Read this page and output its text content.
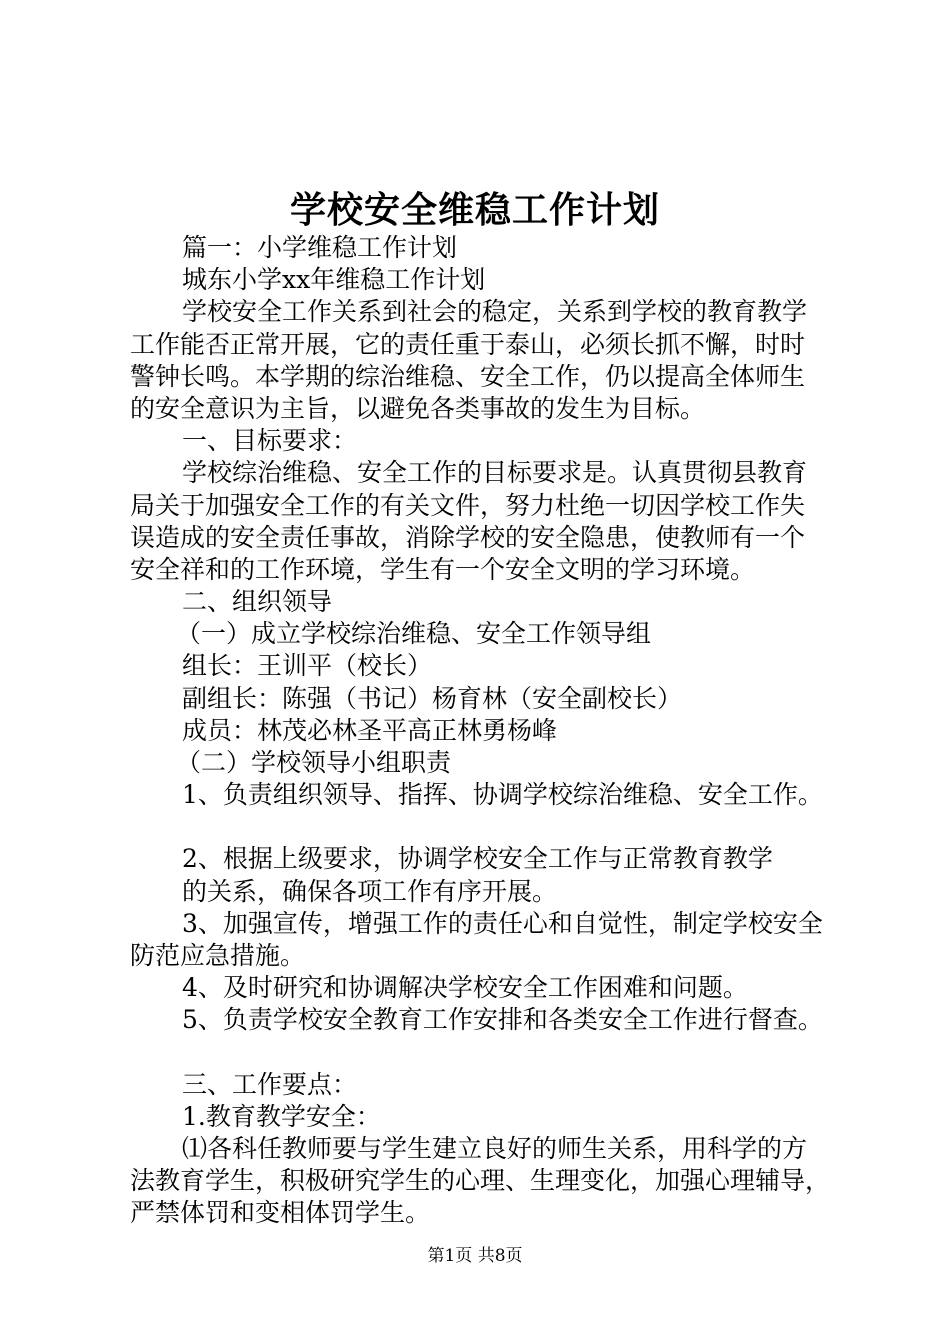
学校安全维稳工作计划

篇一：小学维稳工作计划

城东小学xx年维稳工作计划

学校安全工作关系到社会的稳定，关系到学校的教育教学

工作能否正常开展，它的责任重于泰山，必须长抓不懈，时时

警钟长鸣。本学期的综治维稳、安全工作，仍以提高全体师生

的安全意识为主旨，以避免各类事故的发生为目标。

一、目标要求：

学校综治维稳、安全工作的目标要求是。认真贯彻县教育

局关于加强安全工作的有关文件，努力杜绝一切因学校工作失

误造成的安全责任事故，消除学校的安全隐患，使教师有一个

安全祥和的工作环境，学生有一个安全文明的学习环境。

二、组织领导

（一）成立学校综治维稳、安全工作领导组

组长：王训平（校长）

副组长：陈强（书记）杨育林（安全副校长）

成员：林茂必林圣平高正林勇杨峰

（二）学校领导小组职责

1、负责组织领导、指挥、协调学校综治维稳、安全工作。

2、根据上级要求，协调学校安全工作与正常教育教学

的关系，确保各项工作有序开展。

3、加强宣传，增强工作的责任心和自觉性，制定学校安全

防范应急措施。

4、及时研究和协调解决学校安全工作困难和问题。

5、负责学校安全教育工作安排和各类安全工作进行督查。

三、工作要点：

1.教育教学安全：

⑴各科任教师要与学生建立良好的师生关系，用科学的方

法教育学生，积极研究学生的心理、生理变化，加强心理辅导，

严禁体罚和变相体罚学生。

第1页 共8页
